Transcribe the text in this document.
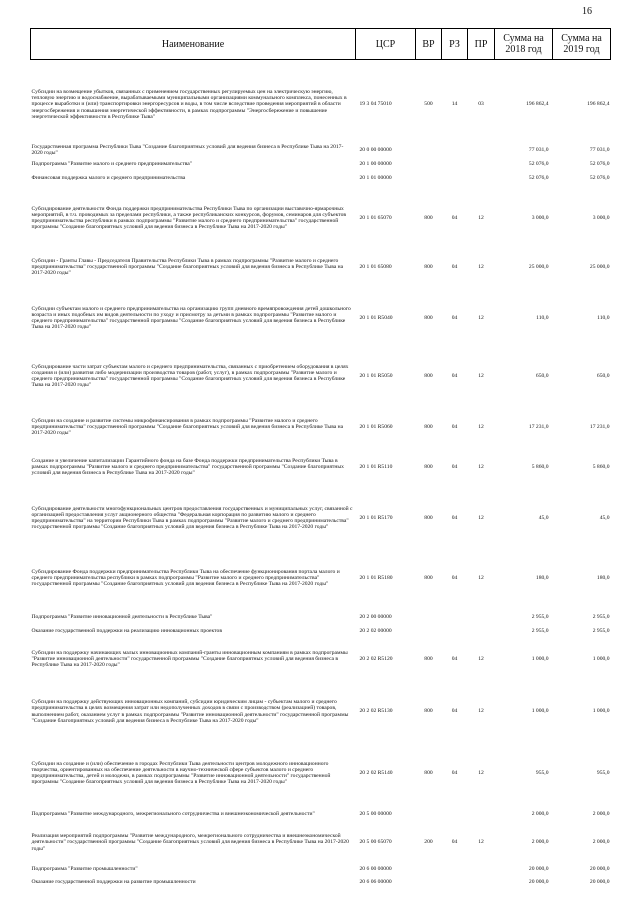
16
Наименование	ЦСР	ВР	РЗ	ПР	Сумма на 2018 год	Сумма на 2019 год

Субсидии на возмещение убытков, связанных с применением государственных регулируемых цен на электрическую энергию, тепловую энергию и водоснабжение, вырабатываемыми муниципальными организациями коммунального комплекса, понесенных в процессе выработки и (или) транспортировки энергоресурсов и воды, в том числе вследствие проведения мероприятий в области энергосбережения и повышения энергетической эффективности, в рамках подпрограммы "Энергосбережение и повышение энергетической эффективности в Республике Тыва"	19 3 04 75010	500	14	03	196 862,4	196 862,4

Государственная программа Республики Тыва "Создание благоприятных условий для ведения бизнеса в Республике Тыва на 2017-2020 годы"	20 0 00 00000				77 031,0	77 031,0
Подпрограмма "Развитие малого и среднего предпринимательства"	20 1 00 00000				52 076,0	52 076,0
Финансовая поддержка малого и среднего предпринимательства	20 1 01 00000				52 076,0	52 076,0

Субсидирование деятельности Фонда поддержки предпринимательства Республики Тыва по организации выставочно-ярмарочных мероприятий, в т.ч. проводимых за пределами республики, а также республиканских конкурсов, форумов, семинаров для субъектов предпринимательства республики в рамках подпрограммы "Развитие малого и среднего предпринимательства" государственной программы "Создание благоприятных условий для ведения бизнеса в Республике Тыва на 2017-2020 годы"	20 1 01 65070	800	04	12	3 000,0	3 000,0

Субсидии - Гранты Главы - Председателя Правительства Республики Тыва в рамках подпрограммы "Развитие малого и среднего предпринимательства" государственной программы "Создание благоприятных условий для ведения бизнеса в Республике Тыва на 2017-2020 годы"	20 1 01 65080	800	04	12	25 000,0	25 000,0

Субсидии субъектам малого и среднего предпринимательства на организацию групп дневного времяпровождения детей дошкольного возраста и иных подобных им видов деятельности по уходу и присмотру за детьми в рамках подпрограммы "Развитие малого и среднего предпринимательства" государственной программы "Создание благоприятных условий для ведения бизнеса в Республике Тыва на 2017-2020 годы"	20 1 01 R5040	800	04	12	110,0	110,0

Субсидирование части затрат субъектам малого и среднего предпринимательства, связанных с приобретением оборудования в целях создания и (или) развития либо модернизации производства товаров (работ, услуг), в рамках подпрограммы "Развитие малого и среднего предпринимательства" государственной программы "Создание благоприятных условий для ведения бизнеса в Республике Тыва на 2017-2020 годы"	20 1 01 R5050	800	04	12	650,0	650,0

Субсидии на создание и развитие системы микрофинансирования в рамках подпрограммы "Развитие малого и среднего предпринимательства" государственной программы "Создание благоприятных условий для ведения бизнеса в Республике Тыва на 2017-2020 годы"	20 1 01 R5060	800	04	12	17 231,0	17 231,0

Создание и увеличение капитализации Гарантийного фонда на базе Фонда поддержки предпринимательства Республики Тыва в рамках подпрограммы "Развитие малого и среднего предпринимательства" государственной программы "Создание благоприятных условий для ведения бизнеса в Республике Тыва на 2017-2020 годы"	20 1 01 R5110	800	04	12	5 860,0	5 860,0

Субсидирование деятельности многофункциональных центров предоставления государственных и муниципальных услуг, связанной с организацией предоставления услуг акционерного общества "Федеральная корпорация по развитию малого и среднего предпринимательства" на территории Республики Тыва в рамках подпрограммы "Развитие малого и среднего предпринимательства" государственной программы "Создание благоприятных условий для ведения бизнеса в Республике Тыва на 2017-2020 годы"	20 1 01 R5170	800	04	12	45,0	45,0

Субсидирование Фонда поддержки предпринимательства Республики Тыва на обеспечение функционирования портала малого и среднего предпринимательства республики в рамках подпрограммы "Развитие малого и среднего предпринимательства" государственной программы "Создание благоприятных условий для ведения бизнеса в Республике Тыва на 2017-2020 годы"	20 1 01 R5180	800	04	12	180,0	180,0

Подпрограмма "Развитие инновационной деятельности в Республике Тыва"	20 2 00 00000				2 955,0	2 955,0
Оказание государственной поддержки на реализацию инновационных проектов	20 2 02 00000				2 955,0	2 955,0

Субсидии на поддержку начинающих малых инновационных компаний-гранты инновационным компаниям в рамках подпрограммы "Развитие инновационной деятельности" государственной программы "Создание благоприятных условий для ведения бизнеса в Республике Тыва на 2017-2020 годы"	20 2 02 R5120	800	04	12	1 000,0	1 000,0

Субсидии на поддержку действующих инновационных компаний, субсидии юридическим лицам - субъектам малого и среднего предпринимательства в целях возмещения затрат или недополученных доходов в связи с производством (реализацией) товаров, выполнением работ, оказанием услуг в рамках подпрограммы "Развитие инновационной деятельности" государственной программы "Создание благоприятных условий для ведения бизнеса в Республике Тыва на 2017-2020 годы"	20 2 02 R5130	800	04	12	1 000,0	1 000,0

Субсидии на создание и (или) обеспечение в городах Республики Тыва деятельности центров молодежного инновационного творчества, ориентированных на обеспечение деятельности в научно-технической сфере субъектов малого и среднего предпринимательства, детей и молодежи, в рамках подпрограммы "Развитие инновационной деятельности" государственной программы "Создание благоприятных условий для ведения бизнеса в Республике Тыва на 2017-2020 годы"	20 2 02 R5140	800	04	12	955,0	955,0

Подпрограмма "Развитие международного, межрегионального сотрудничества и внешнеэкономической деятельности"	20 5 00 00000				2 000,0	2 000,0

Реализация мероприятий подпрограммы "Развитие международного, межрегионального сотрудничества и внешнеэкономической деятельности" государственной программы "Создание благоприятных условий для ведения бизнеса в Республике Тыва на 2017-2020 годы"	20 5 00 65070	200	04	12	2 000,0	2 000,0

Подпрограмма "Развитие промышленности"	20 6 00 00000				20 000,0	20 000,0
Оказание государственной поддержки на развитие промышленности	20 6 06 00000				20 000,0	20 000,0
